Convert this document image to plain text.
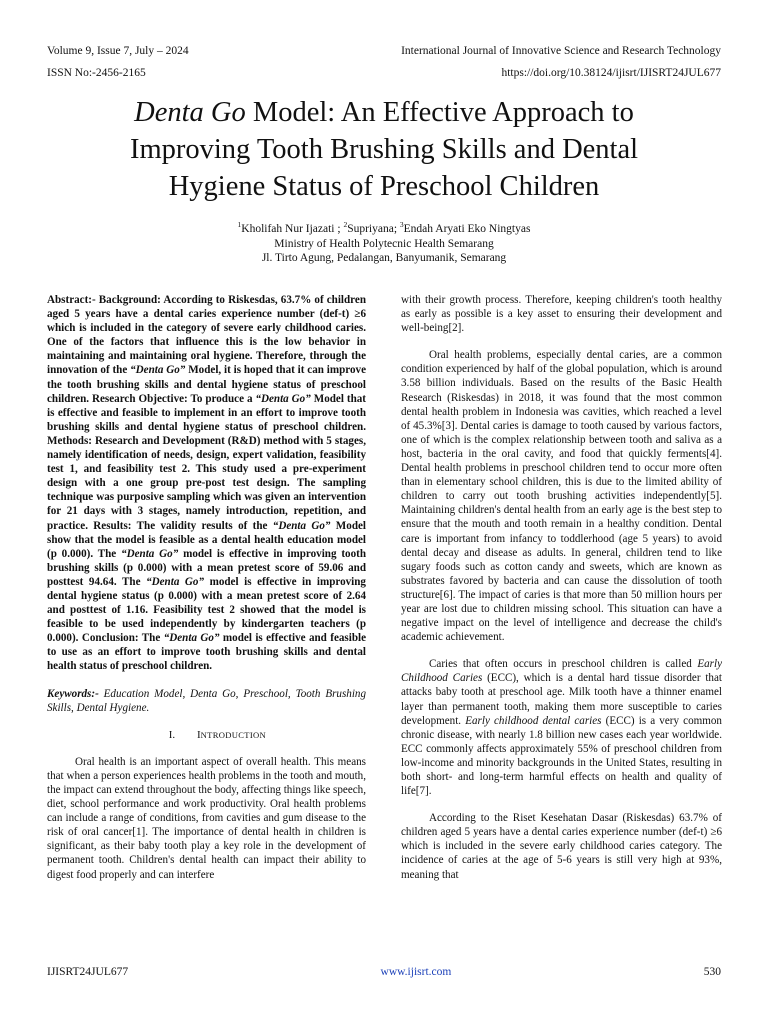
Volume 9, Issue 7, July – 2024	International Journal of Innovative Science and Research Technology
ISSN No:-2456-2165	https://doi.org/10.38124/ijisrt/IJISRT24JUL677
Denta Go Model: An Effective Approach to
Improving Tooth Brushing Skills and Dental
Hygiene Status of Preschool Children
$^1$Kholifah Nur Ijazati ; $^2$Supriyana; $^3$Endah Aryati Eko Ningtyas
Ministry of Health Polytecnic Health Semarang
Jl. Tirto Agung, Pedalangan, Banyumanik, Semarang

Abstract:- Background: According to Riskesdas, 63.7% of children aged 5 years have a dental caries experience number (def-t) ≥6 which is included in the category of severe early childhood caries. One of the factors that influence this is the low behavior in maintaining and maintaining oral hygiene. Therefore, through the innovation of the “Denta Go” Model, it is hoped that it can improve the tooth brushing skills and dental hygiene status of preschool children. Research Objective: To produce a “Denta Go” Model that is effective and feasible to implement in an effort to improve tooth brushing skills and dental hygiene status of preschool children. Methods: Research and Development (R&D) method with 5 stages, namely identification of needs, design, expert validation, feasibility test 1, and feasibility test 2. This study used a pre-experiment design with a one group pre-post test design. The sampling technique was purposive sampling which was given an intervention for 21 days with 3 stages, namely introduction, repetition, and practice. Results: The validity results of the “Denta Go” Model show that the model is feasible as a dental health education model (p 0.000). The “Denta Go” model is effective in improving tooth brushing skills (p 0.000) with a mean pretest score of 59.06 and posttest 94.64. The “Denta Go” model is effective in improving dental hygiene status (p 0.000) with a mean pretest score of 2.64 and posttest of 1.16. Feasibility test 2 showed that the model is feasible to be used independently by kindergarten teachers (p 0.000). Conclusion: The “Denta Go” model is effective and feasible to use as an effort to improve tooth brushing skills and dental health status of preschool children.

Keywords:- Education Model, Denta Go, Preschool, Tooth Brushing Skills, Dental Hygiene.

I. INTRODUCTION

Oral health is an important aspect of overall health. This means that when a person experiences health problems in the tooth and mouth, the impact can extend throughout the body, affecting things like speech, diet, school performance and work productivity. Oral health problems can include a range of conditions, from cavities and gum disease to the risk of oral cancer[1]. The importance of dental health in children is significant, as their baby tooth play a key role in the development of permanent tooth. Children's dental health can impact their ability to digest food properly and can interfere

with their growth process. Therefore, keeping children's tooth healthy as early as possible is a key asset to ensuring their development and well-being[2].

Oral health problems, especially dental caries, are a common condition experienced by half of the global population, which is around 3.58 billion individuals. Based on the results of the Basic Health Research (Riskesdas) in 2018, it was found that the most common dental health problem in Indonesia was cavities, which reached a level of 45.3%[3]. Dental caries is damage to tooth caused by various factors, one of which is the complex relationship between tooth and saliva as a host, bacteria in the oral cavity, and food that quickly ferments[4]. Dental health problems in preschool children tend to occur more often than in elementary school children, this is due to the limited ability of children to carry out tooth brushing activities independently[5]. Maintaining children's dental health from an early age is the best step to ensure that the mouth and tooth remain in a healthy condition. Dental care is important from infancy to toddlerhood (age 5 years) to avoid dental decay and disease as adults. In general, children tend to like sugary foods such as cotton candy and sweets, which are known as substrates favored by bacteria and can cause the dissolution of tooth structure[6]. The impact of caries is that more than 50 million hours per year are lost due to children missing school. This situation can have a negative impact on the level of intelligence and decrease the child's academic achievement.

Caries that often occurs in preschool children is called Early Childhood Caries (ECC), which is a dental hard tissue disorder that attacks baby tooth at preschool age. Milk tooth have a thinner enamel layer than permanent tooth, making them more susceptible to caries development. Early childhood dental caries (ECC) is a very common chronic disease, with nearly 1.8 billion new cases each year worldwide. ECC commonly affects approximately 55% of preschool children from low-income and minority backgrounds in the United States, resulting in both short- and long-term harmful effects on health and quality of life[7].

According to the Riset Kesehatan Dasar (Riskesdas) 63.7% of children aged 5 years have a dental caries experience number (def-t) ≥6 which is included in the severe early childhood caries category. The incidence of caries at the age of 5-6 years is still very high at 93%, meaning that

IJISRT24JUL677	www.ijisrt.com	530
